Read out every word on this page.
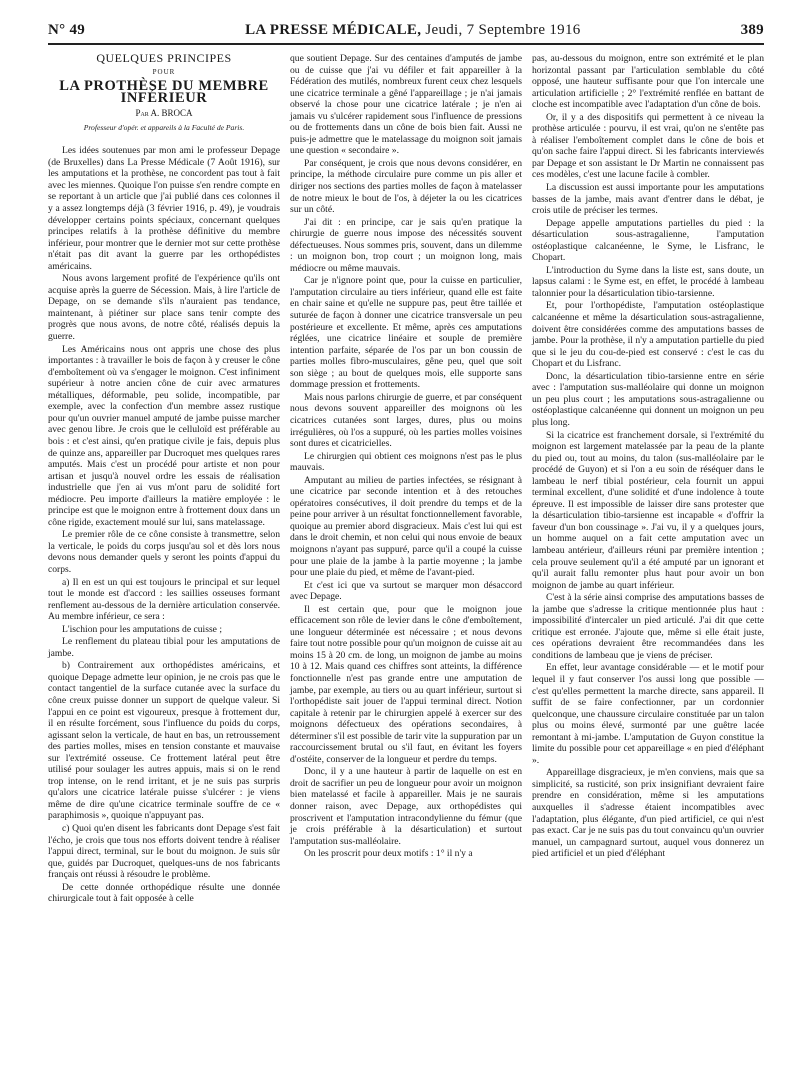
N° 49	LA PRESSE MÉDICALE, Jeudi, 7 Septembre 1916	389
QUELQUES PRINCIPES
POUR
LA PROTHÈSE DU MEMBRE INFÉRIEUR
Par A. BROCA
Professeur d'opér. et appareils à la Faculté de Paris.

Les idées soutenues par mon ami le professeur Depage (de Bruxelles) dans La Presse Médicale (7 Août 1916), sur les amputations et la prothèse, ne concordent pas tout à fait avec les miennes. Quoique l'on puisse s'en rendre compte en se reportant à un article que j'ai publié dans ces colonnes il y a assez longtemps déjà (3 février 1916, p. 49), je voudrais développer certains points spéciaux, concernant quelques principes relatifs à la prothèse définitive du membre inférieur, pour montrer que le dernier mot sur cette prothèse n'était pas dit avant la guerre par les orthopédistes américains.

Nous avons largement profité de l'expérience qu'ils ont acquise après la guerre de Sécession. Mais, à lire l'article de Depage, on se demande s'ils n'auraient pas tendance, maintenant, à piétiner sur place sans tenir compte des progrès que nous avons, de notre côté, réalisés depuis la guerre.

Les Américains nous ont appris une chose des plus importantes : à travailler le bois de façon à y creuser le cône d'emboîtement où va s'engager le moignon. C'est infiniment supérieur à notre ancien cône de cuir avec armatures métalliques, déformable, peu solide, incompatible, par exemple, avec la confection d'un membre assez rustique pour qu'un ouvrier manuel amputé de jambe puisse marcher avec genou libre. Je crois que le celluloïd est préférable au bois : et c'est ainsi, qu'en pratique civile je fais, depuis plus de quinze ans, appareiller par Ducroquet mes quelques rares amputés. Mais c'est un procédé pour artiste et non pour artisan et jusqu'à nouvel ordre les essais de réalisation industrielle que j'en ai vus m'ont paru de solidité fort médiocre. Peu importe d'ailleurs la matière employée : le principe est que le moignon entre à frottement doux dans un cône rigide, exactement moulé sur lui, sans matelassage.

Le premier rôle de ce cône consiste à transmettre, selon la verticale, le poids du corps jusqu'au sol et dès lors nous devons nous demander quels y seront les points d'appui du corps.

a) Il en est un qui est toujours le principal et sur lequel tout le monde est d'accord : les saillies osseuses formant renflement au-dessous de la dernière articulation conservée. Au membre inférieur, ce sera :

L'ischion pour les amputations de cuisse ;

Le renflement du plateau tibial pour les amputations de jambe.

b) Contrairement aux orthopédistes américains, et quoique Depage admette leur opinion, je ne crois pas que le contact tangentiel de la surface cutanée avec la surface du cône creux puisse donner un support de quelque valeur. Si l'appui en ce point est vigoureux, presque à frottement dur, il en résulte forcément, sous l'influence du poids du corps, agissant selon la verticale, de haut en bas, un retroussement des parties molles, mises en tension constante et mauvaise sur l'extrémité osseuse. Ce frottement latéral peut être utilisé pour soulager les autres appuis, mais si on le rend trop intense, on le rend irritant, et je ne suis pas surpris qu'alors une cicatrice latérale puisse s'ulcérer : je viens même de dire qu'une cicatrice terminale souffre de ce « paraphimosis », quoique n'appuyant pas.

c) Quoi qu'en disent les fabricants dont Depage s'est fait l'écho, je crois que tous nos efforts doivent tendre à réaliser l'appui direct, terminal, sur le bout du moignon. Je suis sûr que, guidés par Ducroquet, quelques-uns de nos fabricants français ont réussi à résoudre le problème.

De cette donnée orthopédique résulte une donnée chirurgicale tout à fait opposée à celle

que soutient Depage. Sur des centaines d'amputés de jambe ou de cuisse que j'ai vu défiler et fait appareiller à la Fédération des mutilés, nombreux furent ceux chez lesquels une cicatrice terminale a gêné l'appareillage ; je n'ai jamais observé la chose pour une cicatrice latérale ; je n'en ai jamais vu s'ulcérer rapidement sous l'influence de pressions ou de frottements dans un cône de bois bien fait. Aussi ne puis-je admettre que le matelassage du moignon soit jamais une question « secondaire ».

Par conséquent, je crois que nous devons considérer, en principe, la méthode circulaire pure comme un pis aller et diriger nos sections des parties molles de façon à matelasser de notre mieux le bout de l'os, à déjeter la ou les cicatrices sur un côté.

J'ai dit : en principe, car je sais qu'en pratique la chirurgie de guerre nous impose des nécessités souvent défectueuses. Nous sommes pris, souvent, dans un dilemme : un moignon bon, trop court ; un moignon long, mais médiocre ou même mauvais.

Car je n'ignore point que, pour la cuisse en particulier, l'amputation circulaire au tiers inférieur, quand elle est faite en chair saine et qu'elle ne suppure pas, peut être taillée et suturée de façon à donner une cicatrice transversale un peu postérieure et excellente. Et même, après ces amputations réglées, une cicatrice linéaire et souple de première intention parfaite, séparée de l'os par un bon coussin de parties molles fibro-musculaires, gêne peu, quel que soit son siège ; au bout de quelques mois, elle supporte sans dommage pression et frottements.

Mais nous parlons chirurgie de guerre, et par conséquent nous devons souvent appareiller des moignons où les cicatrices cutanées sont larges, dures, plus ou moins irrégulières, où l'os a suppuré, où les parties molles voisines sont dures et cicatricielles.

Le chirurgien qui obtient ces moignons n'est pas le plus mauvais.

Amputant au milieu de parties infectées, se résignant à une cicatrice par seconde intention et à des retouches opératoires consécutives, il doit prendre du temps et de la peine pour arriver à un résultat fonctionnellement favorable, quoique au premier abord disgracieux. Mais c'est lui qui est dans le droit chemin, et non celui qui nous envoie de beaux moignons n'ayant pas suppuré, parce qu'il a coupé la cuisse pour une plaie de la jambe à la partie moyenne ; la jambe pour une plaie du pied, et même de l'avant-pied.

Et c'est ici que va surtout se marquer mon désaccord avec Depage.

Il est certain que, pour que le moignon joue efficacement son rôle de levier dans le cône d'emboîtement, une longueur déterminée est nécessaire ; et nous devons faire tout notre possible pour qu'un moignon de cuisse ait au moins 15 à 20 cm. de long, un moignon de jambe au moins 10 à 12. Mais quand ces chiffres sont atteints, la différence fonctionnelle n'est pas grande entre une amputation de jambe, par exemple, au tiers ou au quart inférieur, surtout si l'orthopédiste sait jouer de l'appui terminal direct. Notion capitale à retenir par le chirurgien appelé à exercer sur des moignons défectueux des opérations secondaires, à déterminer s'il est possible de tarir vite la suppuration par un raccourcissement brutal ou s'il faut, en évitant les foyers d'ostéite, conserver de la longueur et perdre du temps.

Donc, il y a une hauteur à partir de laquelle on est en droit de sacrifier un peu de longueur pour avoir un moignon bien matelassé et facile à appareiller. Mais je ne saurais donner raison, avec Depage, aux orthopédistes qui proscrivent et l'amputation intracondylienne du fémur (que je crois préférable à la désarticulation) et surtout l'amputation sus-malléolaire.

On les proscrit pour deux motifs : 1° il n'y a

pas, au-dessous du moignon, entre son extrémité et le plan horizontal passant par l'articulation semblable du côté opposé, une hauteur suffisante pour que l'on intercale une articulation artificielle ; 2° l'extrémité renflée en battant de cloche est incompatible avec l'adaptation d'un cône de bois.

Or, il y a des dispositifs qui permettent à ce niveau la prothèse articulée : pourvu, il est vrai, qu'on ne s'entête pas à réaliser l'emboîtement complet dans le cône de bois et qu'on sache faire l'appui direct. Si les fabricants interviewés par Depage et son assistant le Dr Martin ne connaissent pas ces modèles, c'est une lacune facile à combler.

La discussion est aussi importante pour les amputations basses de la jambe, mais avant d'entrer dans le débat, je crois utile de préciser les termes.

Depage appelle amputations partielles du pied : la désarticulation sous-astragalienne, l'amputation ostéoplastique calcanéenne, le Syme, le Lisfranc, le Chopart.

L'introduction du Syme dans la liste est, sans doute, un lapsus calami : le Syme est, en effet, le procédé à lambeau talonnier pour la désarticulation tibio-tarsienne.

Et, pour l'orthopédiste, l'amputation ostéoplastique calcanéenne et même la désarticulation sous-astragalienne, doivent être considérées comme des amputations basses de jambe. Pour la prothèse, il n'y a amputation partielle du pied que si le jeu du cou-de-pied est conservé : c'est le cas du Chopart et du Lisfranc.

Donc, la désarticulation tibio-tarsienne entre en série avec : l'amputation sus-malléolaire qui donne un moignon un peu plus court ; les amputations sous-astragalienne ou ostéoplastique calcanéenne qui donnent un moignon un peu plus long.

Si la cicatrice est franchement dorsale, si l'extrémité du moignon est largement matelassée par la peau de la plante du pied ou, tout au moins, du talon (sus-malléolaire par le procédé de Guyon) et si l'on a eu soin de réséquer dans le lambeau le nerf tibial postérieur, cela fournit un appui terminal excellent, d'une solidité et d'une indolence à toute épreuve. Il est impossible de laisser dire sans protester que la désarticulation tibio-tarsienne est incapable « d'offrir la faveur d'un bon coussinage ». J'ai vu, il y a quelques jours, un homme auquel on a fait cette amputation avec un lambeau antérieur, d'ailleurs réuni par première intention ; cela prouve seulement qu'il a été amputé par un ignorant et qu'il aurait fallu remonter plus haut pour avoir un bon moignon de jambe au quart inférieur.

C'est à la série ainsi comprise des amputations basses de la jambe que s'adresse la critique mentionnée plus haut : impossibilité d'intercaler un pied articulé. J'ai dit que cette critique est erronée. J'ajoute que, même si elle était juste, ces opérations devraient être recommandées dans les conditions de lambeau que je viens de préciser.

En effet, leur avantage considérable — et le motif pour lequel il y faut conserver l'os aussi long que possible — c'est qu'elles permettent la marche directe, sans appareil. Il suffit de se faire confectionner, par un cordonnier quelconque, une chaussure circulaire constituée par un talon plus ou moins élevé, surmonté par une guêtre lacée remontant à mi-jambe. L'amputation de Guyon constitue la limite du possible pour cet appareillage « en pied d'éléphant ».

Appareillage disgracieux, je m'en conviens, mais que sa simplicité, sa rusticité, son prix insignifiant devraient faire prendre en considération, même si les amputations auxquelles il s'adresse étaient incompatibles avec l'adaptation, plus élégante, d'un pied artificiel, ce qui n'est pas exact. Car je ne suis pas du tout convaincu qu'un ouvrier manuel, un campagnard surtout, auquel vous donnerez un pied artificiel et un pied d'éléphant
